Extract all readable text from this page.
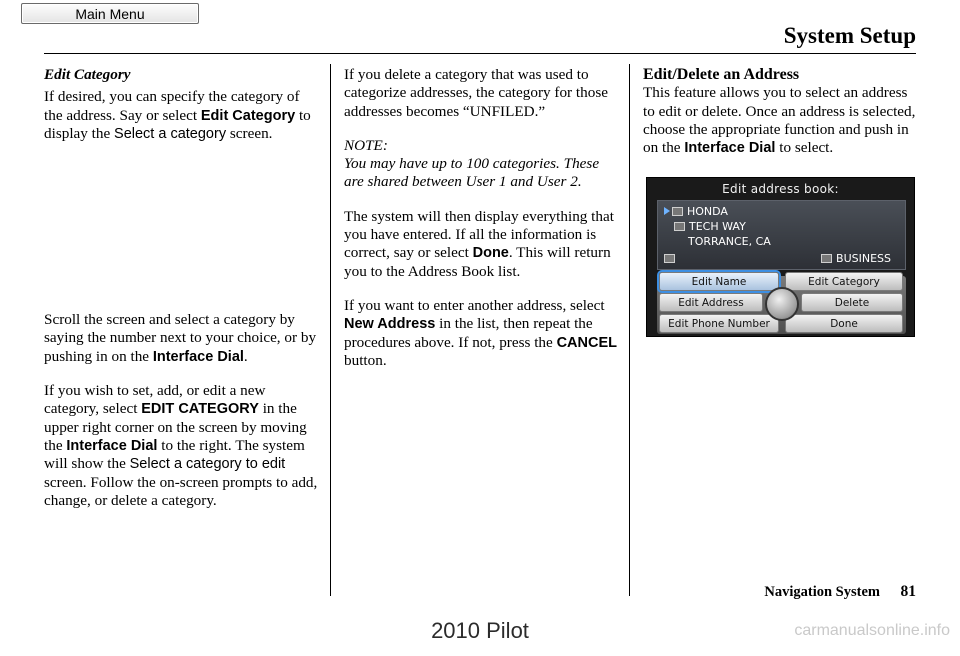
Main Menu
System Setup

Edit Category

If desired, you can specify the category of the address. Say or select Edit Category to display the Select a category screen.

Scroll the screen and select a category by saying the number next to your choice, or by pushing in on the Interface Dial.

If you wish to set, add, or edit a new category, select EDIT CATEGORY in the upper right corner on the screen by moving the Interface Dial to the right. The system will show the Select a category to edit screen. Follow the on-screen prompts to add, change, or delete a category.

If you delete a category that was used to categorize addresses, the category for those addresses becomes “UNFILED.”

NOTE:

You may have up to 100 categories. These are shared between User 1 and User 2.

The system will then display everything that you have entered. If all the information is correct, say or select Done. This will return you to the Address Book list.

If you want to enter another address, select New Address in the list, then repeat the procedures above. If not, press the CANCEL button.

Edit/Delete an Address

This feature allows you to select an address to edit or delete. Once an address is selected, choose the appropriate function and push in on the Interface Dial to select.

Edit address book:
HONDA
TECH WAY
TORRANCE, CA
BUSINESS
Edit Name	Edit Category
Edit Address	Delete
Edit Phone Number	Done
Navigation System 81
2010 Pilot	carmanualsonline.info
